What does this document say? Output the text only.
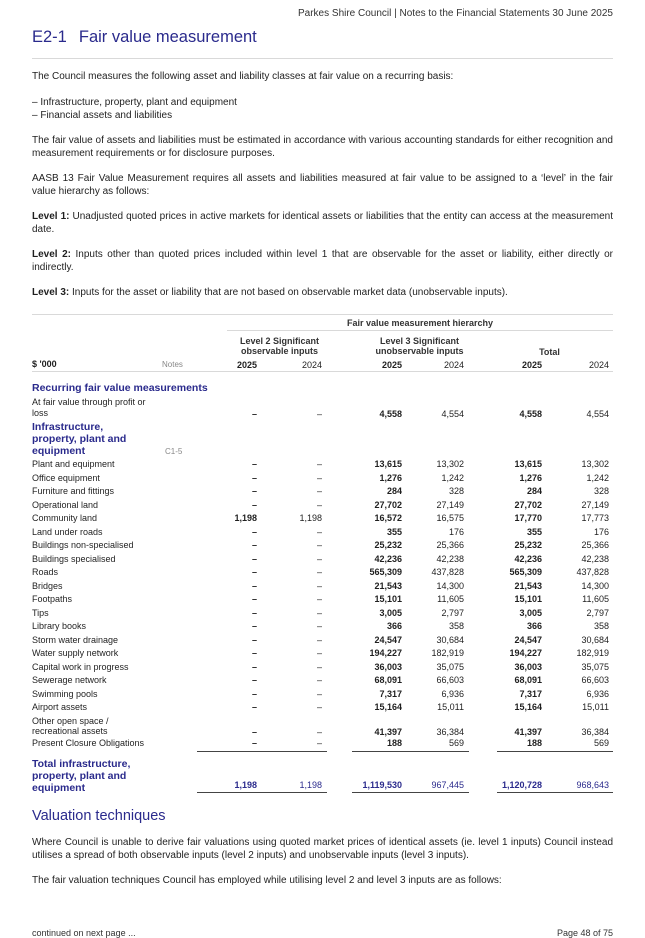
Parkes Shire Council | Notes to the Financial Statements 30 June 2025
E2-1 Fair value measurement

The Council measures the following asset and liability classes at fair value on a recurring basis:

– Infrastructure, property, plant and equipment

– Financial assets and liabilities

The fair value of assets and liabilities must be estimated in accordance with various accounting standards for either recognition and measurement requirements or for disclosure purposes.

AASB 13 Fair Value Measurement requires all assets and liabilities measured at fair value to be assigned to a ‘level’ in the fair value hierarchy as follows:

Level 1: Unadjusted quoted prices in active markets for identical assets or liabilities that the entity can access at the measurement date.

Level 2: Inputs other than quoted prices included within level 1 that are observable for the asset or liability, either directly or indirectly.

Level 3: Inputs for the asset or liability that are not based on observable market data (unobservable inputs).

Fair value measurement hierarchy
Level 2 Significant observable inputs
Level 3 Significant unobservable inputs	Total
$ '000	Notes	2025	2024	2025	2024	2025	2024
Recurring fair value measurements
At fair value through profit or loss	–	–	4,558	4,554	4,558	4,554
Infrastructure, property, plant and equipment	C1-5
Plant and equipment	–	–	13,615	13,302	13,615	13,302
Office equipment	–	–	1,276	1,242	1,276	1,242
Furniture and fittings	–	–	284	328	284	328
Operational land	–	–	27,702	27,149	27,702	27,149
Community land	1,198	1,198	16,572	16,575	17,770	17,773
Land under roads	–	–	355	176	355	176
Buildings non-specialised	–	–	25,232	25,366	25,232	25,366
Buildings specialised	–	–	42,236	42,238	42,236	42,238
Roads	–	–	565,309	437,828	565,309	437,828
Bridges	–	–	21,543	14,300	21,543	14,300
Footpaths	–	–	15,101	11,605	15,101	11,605
Tips	–	–	3,005	2,797	3,005	2,797
Library books	–	–	366	358	366	358
Storm water drainage	–	–	24,547	30,684	24,547	30,684
Water supply network	–	–	194,227	182,919	194,227	182,919
Capital work in progress	–	–	36,003	35,075	36,003	35,075
Sewerage network	–	–	68,091	66,603	68,091	66,603
Swimming pools	–	–	7,317	6,936	7,317	6,936
Airport assets	–	–	15,164	15,011	15,164	15,011
Other open space / recreational assets	–	–	41,397	36,384	41,397	36,384
Present Closure Obligations	–	–	188	569	188	569
Total infrastructure, property, plant and equipment	1,198	1,198	1,119,530	967,445	1,120,728	968,643
Valuation techniques

Where Council is unable to derive fair valuations using quoted market prices of identical assets (ie. level 1 inputs) Council instead utilises a spread of both observable inputs (level 2 inputs) and unobservable inputs (level 3 inputs).

The fair valuation techniques Council has employed while utilising level 2 and level 3 inputs are as follows:

continued on next page ...	Page 48 of 75
